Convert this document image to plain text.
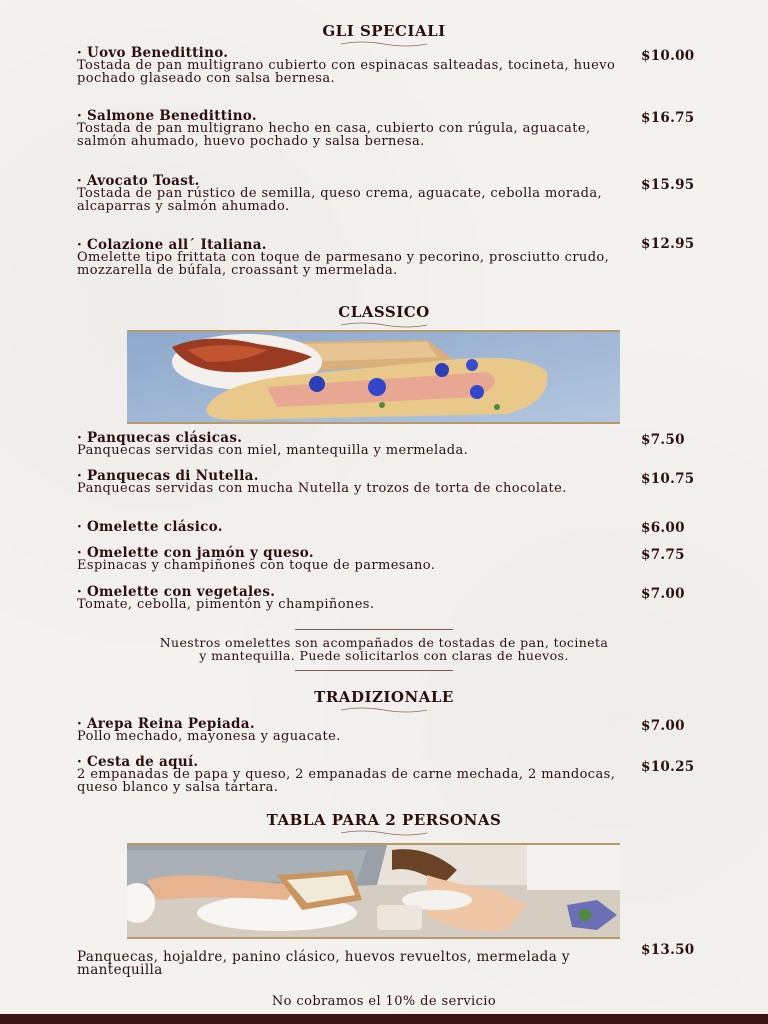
GLI SPECIALI
· Uovo Benedittino.
Tostada de pan multigrano cubierto con espinacas salteadas, tocineta, huevo pochado glaseado con salsa bernesa.
$10.00
· Salmone Benedittino.
Tostada de pan multigrano hecho en casa, cubierto con rúgula, aguacate, salmón ahumado, huevo pochado y salsa bernesa.
$16.75
· Avocato Toast.
Tostada de pan rústico de semilla, queso crema, aguacate, cebolla morada, alcaparras y salmón ahumado.
$15.95
· Colazione all´ Italiana.
Omelette tipo frittata con toque de parmesano y pecorino, prosciutto crudo, mozzarella de búfala, croassant y mermelada.
$12.95
CLASSICO
· Panquecas clásicas.
Panquecas servidas con miel, mantequilla y mermelada.
$7.50
· Panquecas di Nutella.
Panquecas servidas con mucha Nutella y trozos de torta de chocolate.
$10.75
· Omelette clásico.	$6.00
· Omelette con jamón y queso.
Espinacas y champiñones con toque de parmesano.
$7.75
· Omelette con vegetales.
Tomate, cebolla, pimentón y champiñones.
$7.00
Nuestros omelettes son acompañados de tostadas de pan, tocineta
y mantequilla. Puede solicitarlos con claras de huevos.
TRADIZIONALE
· Arepa Reina Pepiada.
Pollo mechado, mayonesa y aguacate.
$7.00
· Cesta de aquí.
2 empanadas de papa y queso, 2 empanadas de carne mechada, 2 mandocas, queso blanco y salsa tártara.
$10.25
TABLA PARA 2 PERSONAS
Panquecas, hojaldre, panino clásico, huevos revueltos, mermelada y mantequilla
$13.50
No cobramos el 10% de servicio
